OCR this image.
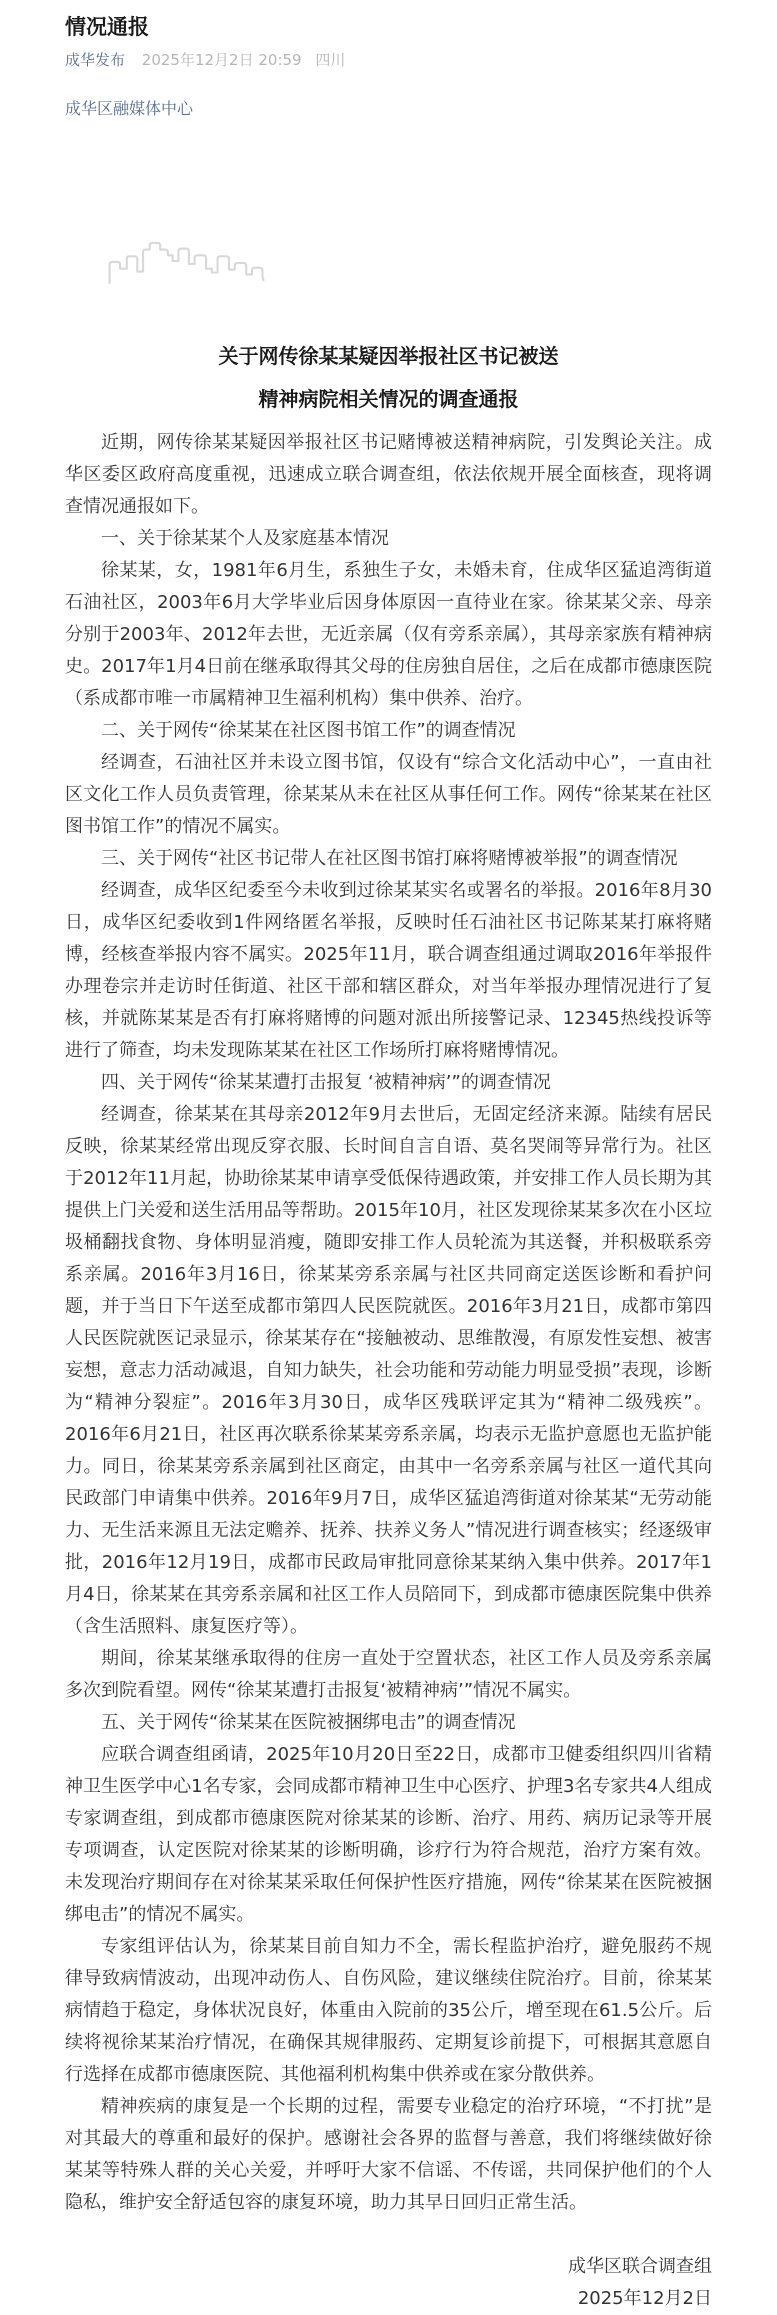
情况通报
成华发布 2025年12月2日 20:59 四川
成华区融媒体中心
关于网传徐某某疑因举报社区书记被送
精神病院相关情况的调查通报

近期，网传徐某某疑因举报社区书记赌博被送精神病院，引发舆论关注。成华区委区政府高度重视，迅速成立联合调查组，依法依规开展全面核查，现将调查情况通报如下。

一、关于徐某某个人及家庭基本情况

徐某某，女，1981年6月生，系独生子女，未婚未育，住成华区猛追湾街道石油社区，2003年6月大学毕业后因身体原因一直待业在家。徐某某父亲、母亲分别于2003年、2012年去世，无近亲属（仅有旁系亲属），其母亲家族有精神病史。2017年1月4日前在继承取得其父母的住房独自居住，之后在成都市德康医院（系成都市唯一市属精神卫生福利机构）集中供养、治疗。

二、关于网传“徐某某在社区图书馆工作”的调查情况

经调查，石油社区并未设立图书馆，仅设有“综合文化活动中心”，一直由社区文化工作人员负责管理，徐某某从未在社区从事任何工作。网传“徐某某在社区图书馆工作”的情况不属实。

三、关于网传“社区书记带人在社区图书馆打麻将赌博被举报”的调查情况

经调查，成华区纪委至今未收到过徐某某实名或署名的举报。2016年8月30日，成华区纪委收到1件网络匿名举报，反映时任石油社区书记陈某某打麻将赌博，经核查举报内容不属实。2025年11月，联合调查组通过调取2016年举报件办理卷宗并走访时任街道、社区干部和辖区群众，对当年举报办理情况进行了复核，并就陈某某是否有打麻将赌博的问题对派出所接警记录、12345热线投诉等进行了筛查，均未发现陈某某在社区工作场所打麻将赌博情况。

四、关于网传“徐某某遭打击报复 ‘被精神病’”的调查情况

经调查，徐某某在其母亲2012年9月去世后，无固定经济来源。陆续有居民反映，徐某某经常出现反穿衣服、长时间自言自语、莫名哭闹等异常行为。社区于2012年11月起，协助徐某某申请享受低保待遇政策，并安排工作人员长期为其提供上门关爱和送生活用品等帮助。2015年10月，社区发现徐某某多次在小区垃圾桶翻找食物、身体明显消瘦，随即安排工作人员轮流为其送餐，并积极联系旁系亲属。2016年3月16日，徐某某旁系亲属与社区共同商定送医诊断和看护问题，并于当日下午送至成都市第四人民医院就医。2016年3月21日，成都市第四人民医院就医记录显示，徐某某存在“接触被动、思维散漫，有原发性妄想、被害妄想，意志力活动减退，自知力缺失，社会功能和劳动能力明显受损”表现，诊断为“精神分裂症”。2016年3月30日，成华区残联评定其为“精神二级残疾”。2016年6月21日，社区再次联系徐某某旁系亲属，均表示无监护意愿也无监护能力。同日，徐某某旁系亲属到社区商定，由其中一名旁系亲属与社区一道代其向民政部门申请集中供养。2016年9月7日，成华区猛追湾街道对徐某某“无劳动能力、无生活来源且无法定赡养、抚养、扶养义务人”情况进行调查核实；经逐级审批，2016年12月19日，成都市民政局审批同意徐某某纳入集中供养。2017年1月4日，徐某某在其旁系亲属和社区工作人员陪同下，到成都市德康医院集中供养（含生活照料、康复医疗等）。

期间，徐某某继承取得的住房一直处于空置状态，社区工作人员及旁系亲属多次到院看望。网传“徐某某遭打击报复‘被精神病’”情况不属实。

五、关于网传“徐某某在医院被捆绑电击”的调查情况

应联合调查组函请，2025年10月20日至22日，成都市卫健委组织四川省精神卫生医学中心1名专家，会同成都市精神卫生中心医疗、护理3名专家共4人组成专家调查组，到成都市德康医院对徐某某的诊断、治疗、用药、病历记录等开展专项调查，认定医院对徐某某的诊断明确，诊疗行为符合规范，治疗方案有效。未发现治疗期间存在对徐某某采取任何保护性医疗措施，网传“徐某某在医院被捆绑电击”的情况不属实。

专家组评估认为，徐某某目前自知力不全，需长程监护治疗，避免服药不规律导致病情波动，出现冲动伤人、自伤风险，建议继续住院治疗。目前，徐某某病情趋于稳定，身体状况良好，体重由入院前的35公斤，增至现在61.5公斤。后续将视徐某某治疗情况，在确保其规律服药、定期复诊前提下，可根据其意愿自行选择在成都市德康医院、其他福利机构集中供养或在家分散供养。

精神疾病的康复是一个长期的过程，需要专业稳定的治疗环境，“不打扰”是对其最大的尊重和最好的保护。感谢社会各界的监督与善意，我们将继续做好徐某某等特殊人群的关心关爱，并呼吁大家不信谣、不传谣，共同保护他们的个人隐私，维护安全舒适包容的康复环境，助力其早日回归正常生活。

成华区联合调查组
2025年12月2日
